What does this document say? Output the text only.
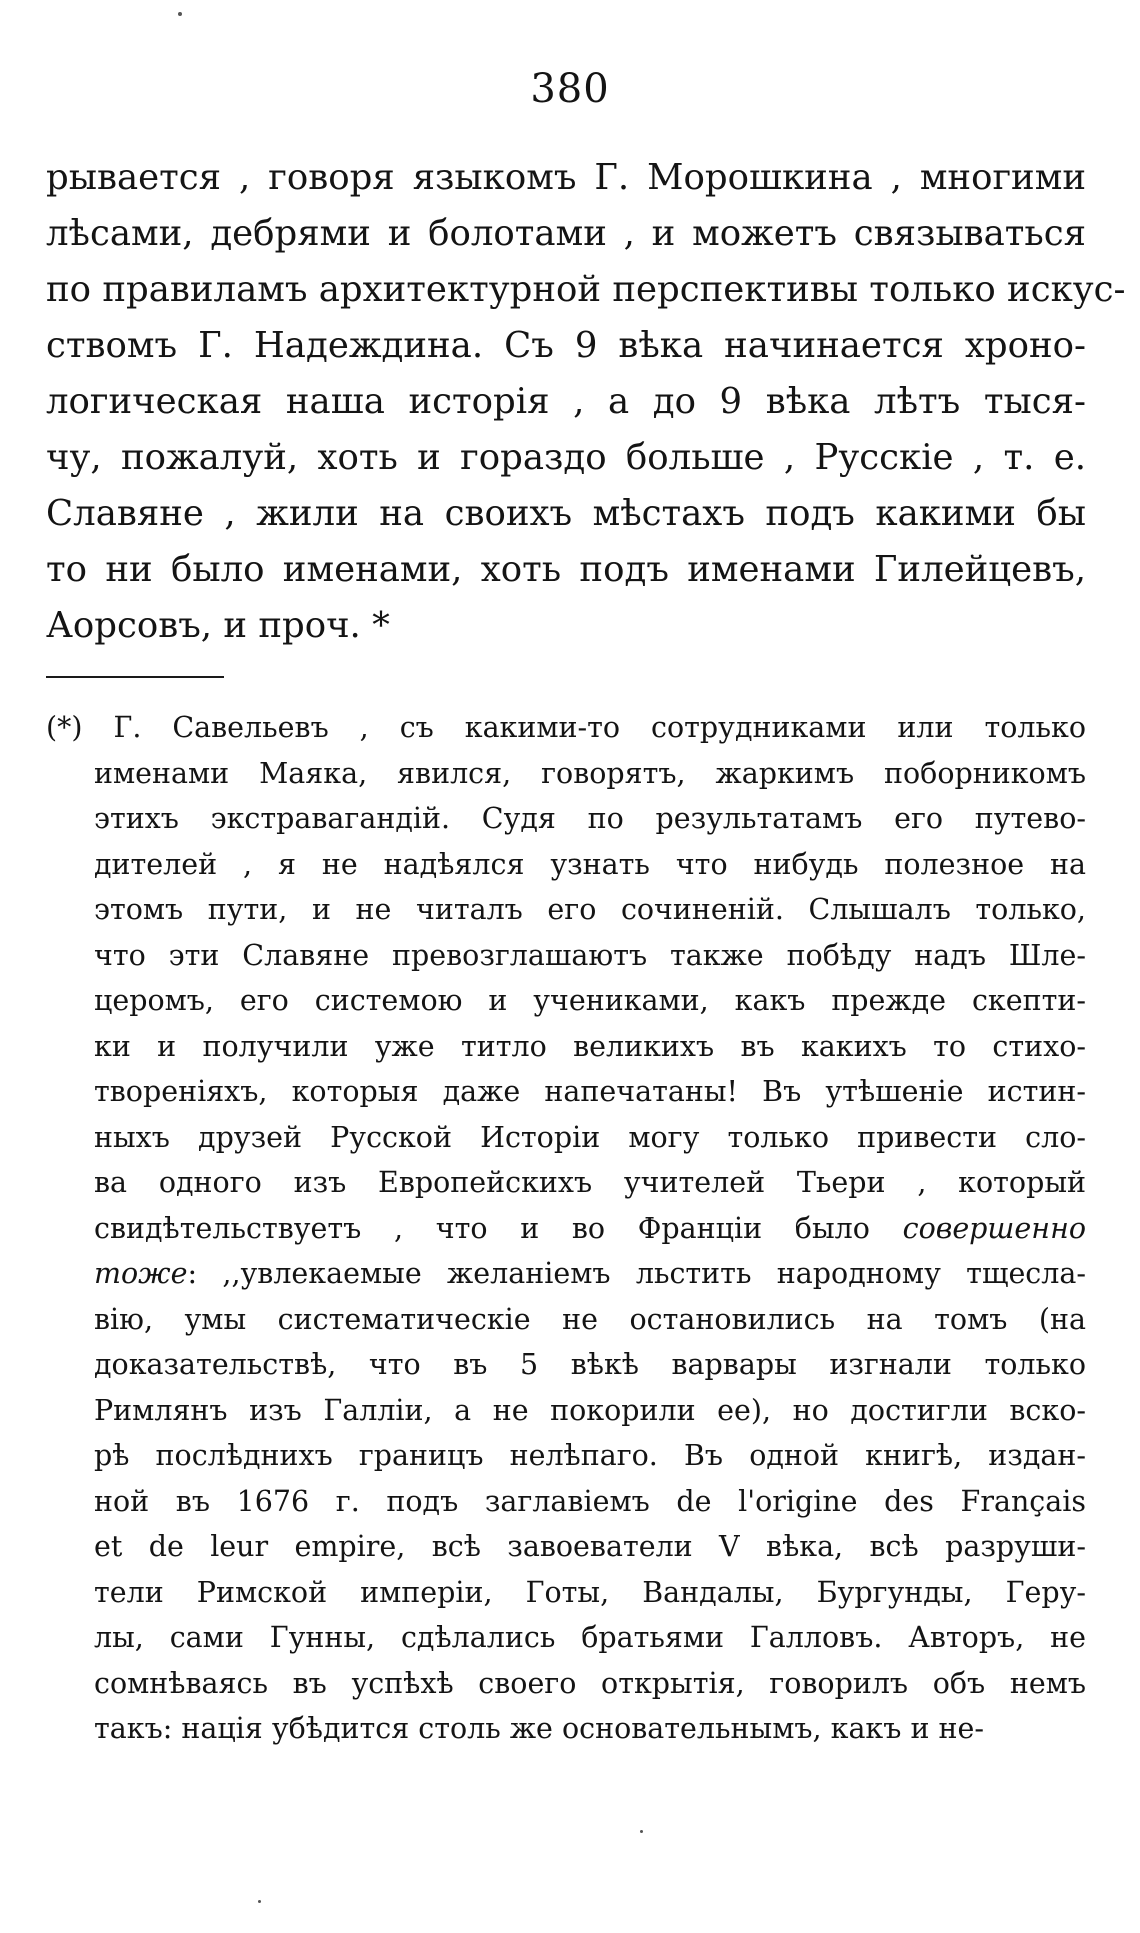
380
рывается , говоря языкомъ Г. Морошкина , многими
лѣсами, дебрями и болотами , и можетъ связываться
по правиламъ архитектурной перспективы только искус-
ствомъ Г. Надеждина. Съ 9 вѣка начинается хроно-
логическая наша исторія , а до 9 вѣка лѣтъ тыся-
чу, пожалуй, хоть и гораздо больше , Русскіе , т. е.
Славяне , жили на своихъ мѣстахъ подъ какими бы
то ни было именами, хоть подъ именами Гилейцевъ,
Аорсовъ, и проч. *
(*) Г. Савельевъ , съ какими-то сотрудниками или только
именами Маяка, явился, говорятъ, жаркимъ поборникомъ
этихъ экстравагандій. Судя по результатамъ его путево-
дителей , я не надѣялся узнать что нибудь полезное на
этомъ пути, и не читалъ его сочиненій. Слышалъ только,
что эти Славяне превозглашаютъ также побѣду надъ Шле-
церомъ, его системою и учениками, какъ прежде скепти-
ки и получили уже титло великихъ въ какихъ то стихо-
твореніяхъ, которыя даже напечатаны! Въ утѣшеніе истин-
ныхъ друзей Русской Исторіи могу только привести сло-
ва одного изъ Европейскихъ учителей Тьери , который
свидѣтельствуетъ , что и во Франціи было совершенно
тоже: ,,увлекаемые желаніемъ льстить народному тщесла-
вію, умы систематическіе не остановились на томъ (на
доказательствѣ, что въ 5 вѣкѣ варвары изгнали только
Римлянъ изъ Галліи, а не покорили ее), но достигли вско-
рѣ послѣднихъ границъ нелѣпаго. Въ одной книгѣ, издан-
ной въ 1676 г. подъ заглавіемъ de l'origine des Français
et de leur empire, всѣ завоеватели V вѣка, всѣ разруши-
тели Римской имперіи, Готы, Вандалы, Бургунды, Геру-
лы, сами Гунны, сдѣлались братьями Галловъ. Авторъ, не
сомнѣваясь въ успѣхѣ своего открытія, говорилъ объ немъ
такъ: нація убѣдится столь же основательнымъ, какъ и не-
